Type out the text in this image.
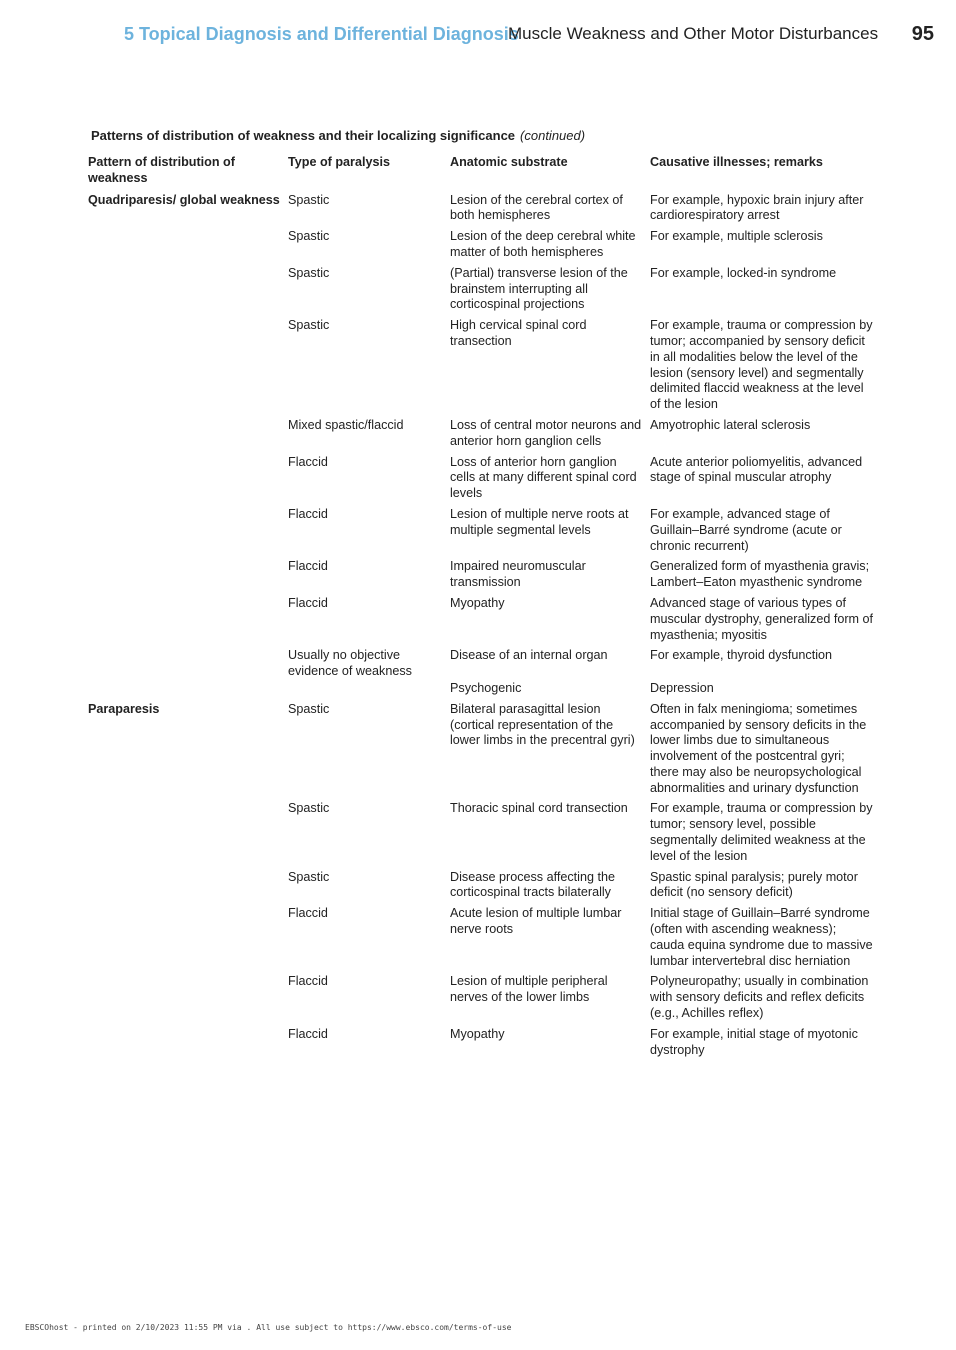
5 Topical Diagnosis and Differential Diagnosis
Muscle Weakness and Other Motor Disturbances 95
Patterns of distribution of weakness and their localizing significance (continued)
Pattern of distribution of weakness	Type of paralysis	Anatomic substrate	Causative illnesses; remarks
Quadriparesis/ global weakness	Spastic	Lesion of the cerebral cortex of both hemispheres	For example, hypoxic brain injury after cardiorespiratory arrest
	Spastic	Lesion of the deep cerebral white matter of both hemispheres	For example, multiple sclerosis
	Spastic	(Partial) transverse lesion of the brainstem interrupting all corticospinal projections	For example, locked-in syndrome
	Spastic	High cervical spinal cord transection	For example, trauma or compression by tumor; accompanied by sensory deficit in all modalities below the level of the lesion (sensory level) and segmentally delimited flaccid weakness at the level of the lesion
	Mixed spastic/flaccid	Loss of central motor neurons and anterior horn ganglion cells	Amyotrophic lateral sclerosis
	Flaccid	Loss of anterior horn ganglion cells at many different spinal cord levels	Acute anterior poliomyelitis, advanced stage of spinal muscular atrophy
	Flaccid	Lesion of multiple nerve roots at multiple segmental levels	For example, advanced stage of Guillain–Barré syndrome (acute or chronic recurrent)
	Flaccid	Impaired neuromuscular transmission	Generalized form of myasthenia gravis; Lambert–Eaton myasthenic syndrome
	Flaccid	Myopathy	Advanced stage of various types of muscular dystrophy, generalized form of myasthenia; myositis
	Usually no objective evidence of weakness	Disease of an internal organ	For example, thyroid dysfunction
		Psychogenic	Depression
Paraparesis	Spastic	Bilateral parasagittal lesion (cortical representation of the lower limbs in the precentral gyri)	Often in falx meningioma; sometimes accompanied by sensory deficits in the lower limbs due to simultaneous involvement of the postcentral gyri; there may also be neuropsychological abnormalities and urinary dysfunction
	Spastic	Thoracic spinal cord transection	For example, trauma or compression by tumor; sensory level, possible segmentally delimited weakness at the level of the lesion
	Spastic	Disease process affecting the corticospinal tracts bilaterally	Spastic spinal paralysis; purely motor deficit (no sensory deficit)
	Flaccid	Acute lesion of multiple lumbar nerve roots	Initial stage of Guillain–Barré syndrome (often with ascending weakness); cauda equina syndrome due to massive lumbar intervertebral disc herniation
	Flaccid	Lesion of multiple peripheral nerves of the lower limbs	Polyneuropathy; usually in combination with sensory deficits and reflex deficits (e.g., Achilles reflex)
	Flaccid	Myopathy	For example, initial stage of myotonic dystrophy
EBSCOhost - printed on 2/10/2023 11:55 PM via . All use subject to https://www.ebsco.com/terms-of-use
